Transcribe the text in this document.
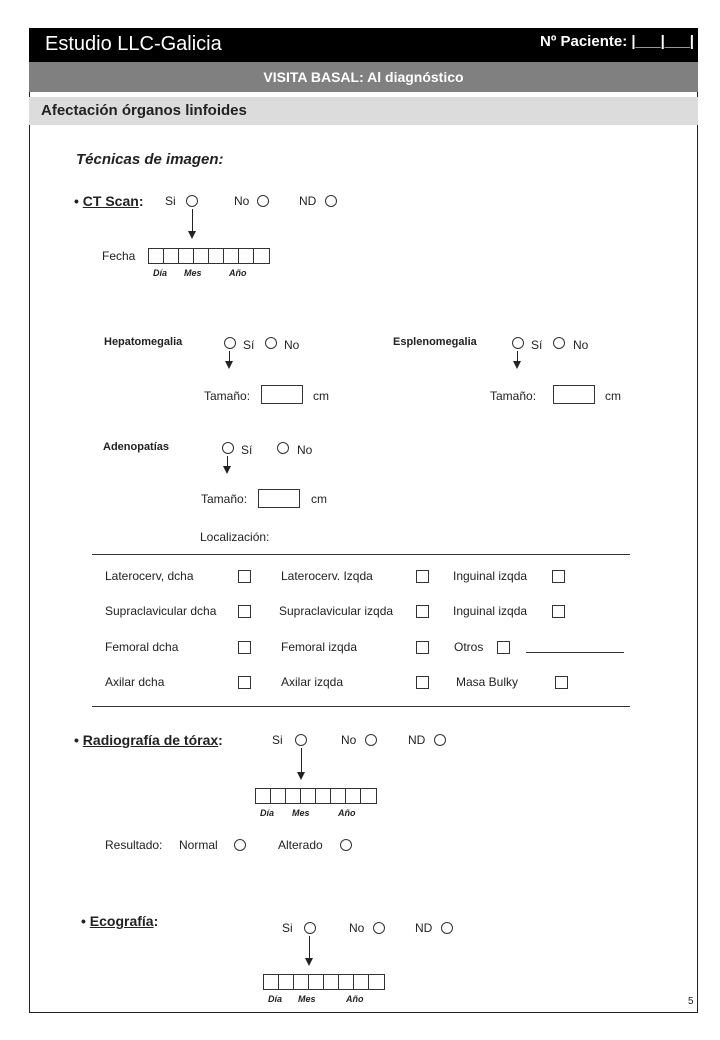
Estudio LLC-Galicia	Nº Paciente: |___|___|
VISITA BASAL: Al diagnóstico
Afectación órganos linfoides
Técnicas de imagen:
• CT Scan: Si	No	ND
Fecha
Día Mes	Año
Hepatomegalia	Sí No
Tamaño:	cm
Esplenomegalia	Sí	No
Tamaño:	cm
Adenopatías	Sí	No
Tamaño:	cm
Localización:
Laterocerv, dcha	Laterocerv. Izqda	Inguinal izqda
Supraclavicular dcha	Supraclavicular izqda	Inguinal izqda
Femoral dcha	Femoral izqda	Otros
Axilar dcha	Axilar izqda	Masa Bulky
• Radiografía de tórax:	Si	No	ND
Día Mes	Año
Resultado: Normal	Alterado
• Ecografía:	Si	No	ND
Día Mes	Año	5
